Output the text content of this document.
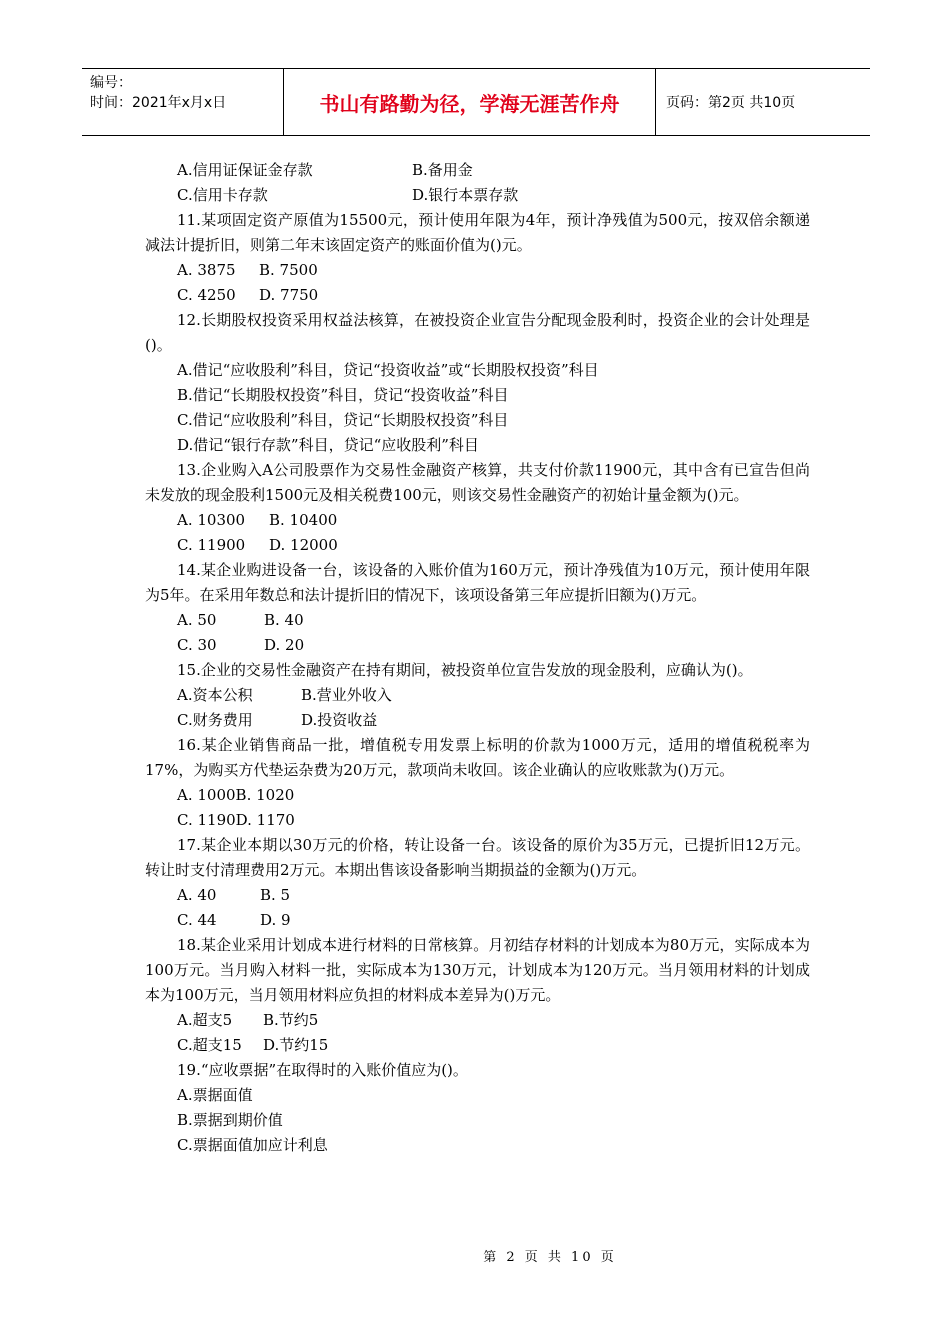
编号：
时间：2021年x月x日	书山有路勤为径，学海无涯苦作舟	页码：第2页 共10页
A.信用证保证金存款	B.备用金
C.信用卡存款	D.银行本票存款
11.某项固定资产原值为15500元，预计使用年限为4年，预计净残值为500元，按双倍余额递减法计提折旧，则第二年末该固定资产的账面价值为()元。
A. 3875 B. 7500
C. 4250 D. 7750
12.长期股权投资采用权益法核算，在被投资企业宣告分配现金股利时，投资企业的会计处理是()。
A.借记“应收股利”科目，贷记“投资收益”或“长期股权投资”科目
B.借记“长期股权投资”科目，贷记“投资收益”科目
C.借记“应收股利”科目，贷记“长期股权投资”科目
D.借记“银行存款”科目，贷记“应收股利”科目
13.企业购入A公司股票作为交易性金融资产核算，共支付价款11900元，其中含有已宣告但尚未发放的现金股利1500元及相关税费100元，则该交易性金融资产的初始计量金额为()元。
A. 10300 B. 10400
C. 11900 D. 12000
14.某企业购进设备一台，该设备的入账价值为160万元，预计净残值为10万元，预计使用年限为5年。在采用年数总和法计提折旧的情况下，该项设备第三年应提折旧额为()万元。
A. 50	B. 40
C. 30	D. 20
15.企业的交易性金融资产在持有期间，被投资单位宣告发放的现金股利，应确认为()。
A.资本公积	B.营业外收入
C.财务费用	D.投资收益
16.某企业销售商品一批，增值税专用发票上标明的价款为1000万元，适用的增值税税率为17%，为购买方代垫运杂费为20万元，款项尚未收回。该企业确认的应收账款为()万元。
A. 1000B. 1020
C. 1190D. 1170
17.某企业本期以30万元的价格，转让设备一台。该设备的原价为35万元，已提折旧12万元。转让时支付清理费用2万元。本期出售该设备影响当期损益的金额为()万元。
A. 40	B. 5
C. 44	D. 9
18.某企业采用计划成本进行材料的日常核算。月初结存材料的计划成本为80万元，实际成本为100万元。当月购入材料一批，实际成本为130万元，计划成本为120万元。当月领用材料的计划成本为100万元，当月领用材料应负担的材料成本差异为()万元。
A.超支5 B.节约5
C.超支15 D.节约15
19.“应收票据”在取得时的入账价值应为()。
A.票据面值
B.票据到期价值
C.票据面值加应计利息
第 2 页 共 10 页
